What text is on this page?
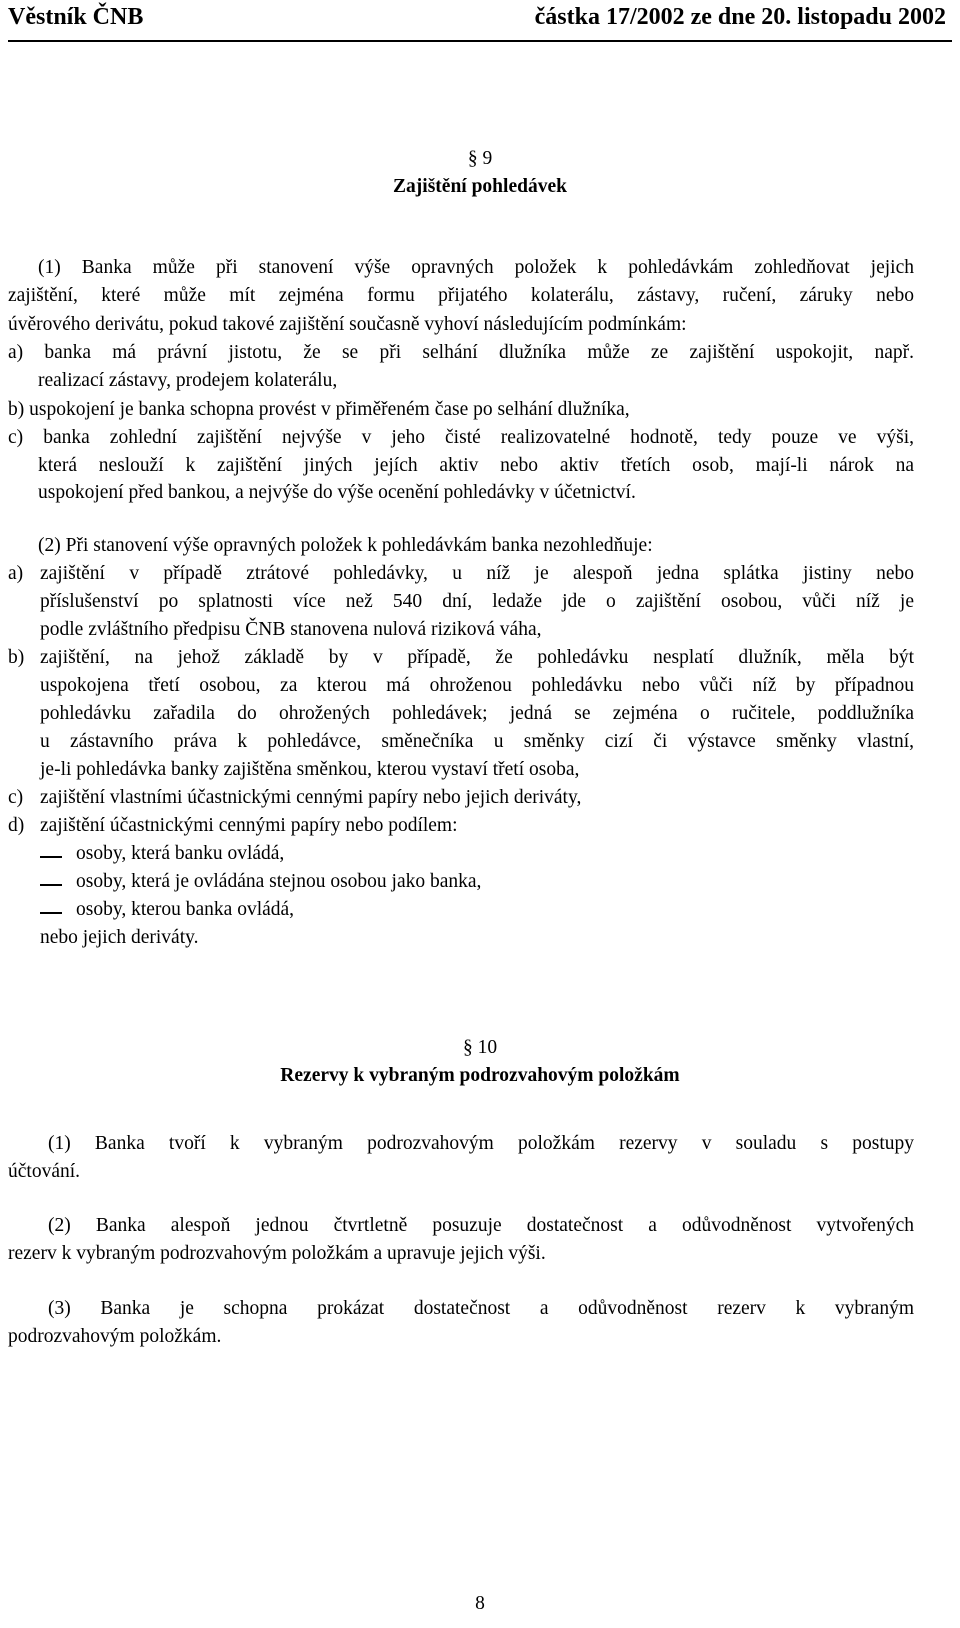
Věstník ČNB	částka 17/2002 ze dne 20. listopadu 2002
§ 9
Zajištění pohledávek
(1) Banka může při stanovení výše opravných položek k pohledávkám zohledňovat jejich
zajištění, které může mít zejména formu přijatého kolaterálu, zástavy, ručení, záruky nebo
úvěrového derivátu, pokud takové zajištění současně vyhoví následujícím podmínkám:
a) banka má právní jistotu, že se při selhání dlužníka může ze zajištění uspokojit, např.
realizací zástavy, prodejem kolaterálu,
b) uspokojení je banka schopna provést v přiměřeném čase po selhání dlužníka,
c) banka zohlední zajištění nejvýše v jeho čisté realizovatelné hodnotě, tedy pouze ve výši,
která neslouží k zajištění jiných jejích aktiv nebo aktiv třetích osob, mají-li nárok na
uspokojení před bankou, a nejvýše do výše ocenění pohledávky v účetnictví.
(2) Při stanovení výše opravných položek k pohledávkám banka nezohledňuje:
a) zajištění v případě ztrátové pohledávky, u níž je alespoň jedna splátka jistiny nebo
příslušenství po splatnosti více než 540 dní, ledaže jde o zajištění osobou, vůči níž je
podle zvláštního předpisu ČNB stanovena nulová riziková váha,
b) zajištění, na jehož základě by v případě, že pohledávku nesplatí dlužník, měla být
uspokojena třetí osobou, za kterou má ohroženou pohledávku nebo vůči níž by případnou
pohledávku zařadila do ohrožených pohledávek; jedná se zejména o ručitele, poddlužníka
u zástavního práva k pohledávce, směnečníka u směnky cizí či výstavce směnky vlastní,
je-li pohledávka banky zajištěna směnkou, kterou vystaví třetí osoba,
c) zajištění vlastními účastnickými cennými papíry nebo jejich deriváty,
d) zajištění účastnickými cennými papíry nebo podílem:
osoby, která banku ovládá,
osoby, která je ovládána stejnou osobou jako banka,
osoby, kterou banka ovládá,
nebo jejich deriváty.
§ 10
Rezervy k vybraným podrozvahovým položkám
(1) Banka tvoří k vybraným podrozvahovým položkám rezervy v souladu s postupy
účtování.
(2) Banka alespoň jednou čtvrtletně posuzuje dostatečnost a odůvodněnost vytvořených
rezerv k vybraným podrozvahovým položkám a upravuje jejich výši.
(3) Banka je schopna prokázat dostatečnost a odůvodněnost rezerv k vybraným
podrozvahovým položkám.
8
